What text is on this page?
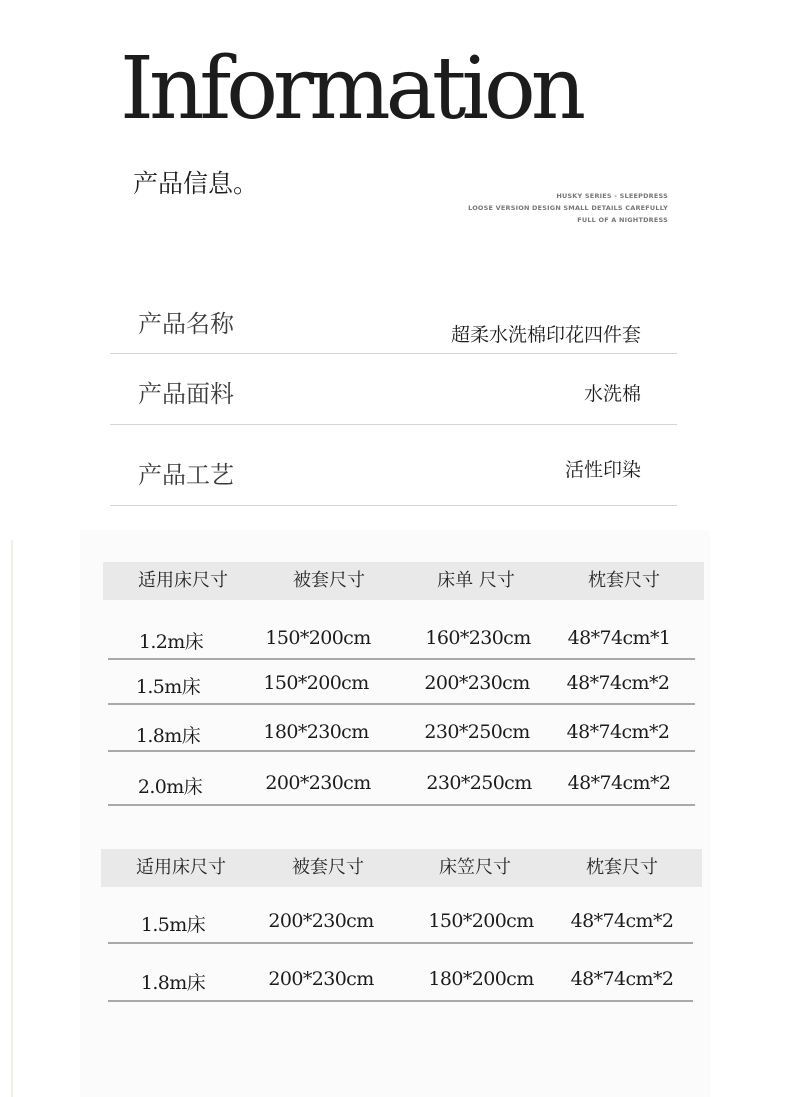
Information
产品信息。	HUSKY SERIES - SLEEPDRESS
LOOSE VERSION DESIGN SMALL DETAILS CAREFULLY
FULL OF A NIGHTDRESS
产品名称	超柔水洗棉印花四件套
产品面料	水洗棉
产品工艺	活性印染
适用床尺寸	被套尺寸	床单 尺寸	枕套尺寸
1.2m床	150*200cm	160*230cm 48*74cm*1
1.5m床	150*200cm	200*230cm 48*74cm*2
1.8m床	180*230cm	230*250cm 48*74cm*2
2.0m床	200*230cm	230*250cm 48*74cm*2
适用床尺寸	被套尺寸	床笠尺寸	枕套尺寸
1.5m床	200*230cm	150*200cm 48*74cm*2
1.8m床	200*230cm	180*200cm 48*74cm*2
